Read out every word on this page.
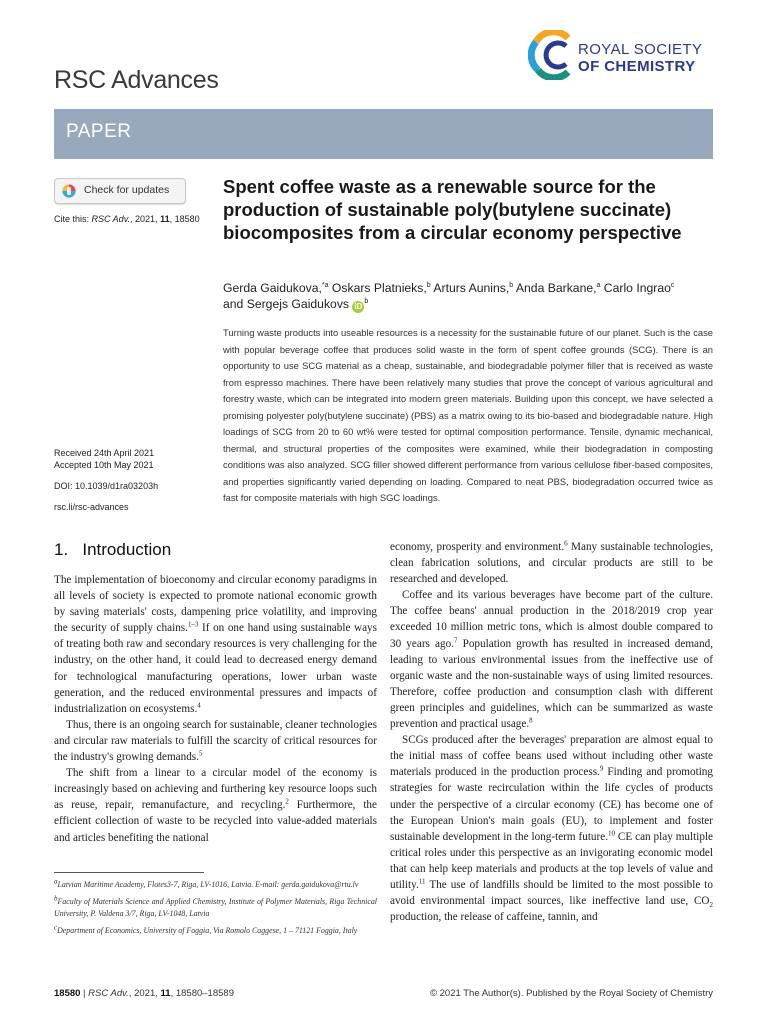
RSC Advances
ROYAL SOCIETY
OF CHEMISTRY
PAPER
Check for updates
Cite this: RSC Adv., 2021, 11, 18580
Received 24th April 2021
Accepted 10th May 2021
DOI: 10.1039/d1ra03203h
rsc.li/rsc-advances
Spent coffee waste as a renewable source for the production of sustainable poly(butylene succinate) biocomposites from a circular economy perspective
Gerda Gaidukova,$^{*a}$ Oskars Platnieks,$^b$ Arturs Aunins,$^b$ Anda Barkane,$^a$ Carlo Ingrao$^c$
and Sergejs Gaidukovs $iD^b$
Turning waste products into useable resources is a necessity for the sustainable future of our planet. Such is the case with popular beverage coffee that produces solid waste in the form of spent coffee grounds (SCG). There is an opportunity to use SCG material as a cheap, sustainable, and biodegradable polymer filler that is received as waste from espresso machines. There have been relatively many studies that prove the concept of various agricultural and forestry waste, which can be integrated into modern green materials. Building upon this concept, we have selected a promising polyester poly(butylene succinate) (PBS) as a matrix owing to its bio-based and biodegradable nature. High loadings of SCG from 20 to 60 wt% were tested for optimal composition performance. Tensile, dynamic mechanical, thermal, and structural properties of the composites were examined, while their biodegradation in composting conditions was also analyzed. SCG filler showed different performance from various cellulose fiber-based composites, and properties significantly varied depending on loading. Compared to neat PBS, biodegradation occurred twice as fast for composite materials with high SGC loadings.
1.   Introduction

The implementation of bioeconomy and circular economy paradigms in all levels of society is expected to promote national economic growth by saving materials' costs, dampening price volatility, and improving the security of supply chains.$^{1-3}$ If on one hand using sustainable ways of treating both raw and secondary resources is very challenging for the industry, on the other hand, it could lead to decreased energy demand for technological manufacturing operations, lower urban waste generation, and the reduced environmental pressures and impacts of industrialization on ecosystems.$^4$

Thus, there is an ongoing search for sustainable, cleaner technologies and circular raw materials to fulfill the scarcity of critical resources for the industry's growing demands.$^5$

The shift from a linear to a circular model of the economy is increasingly based on achieving and furthering key resource loops such as reuse, repair, remanufacture, and recycling.$^2$ Furthermore, the efficient collection of waste to be recycled into value-added materials and articles benefiting the national

economy, prosperity and environment.$^6$ Many sustainable technologies, clean fabrication solutions, and circular products are still to be researched and developed.

Coffee and its various beverages have become part of the culture. The coffee beans' annual production in the 2018/2019 crop year exceeded 10 million metric tons, which is almost double compared to 30 years ago.$^7$ Population growth has resulted in increased demand, leading to various environmental issues from the ineffective use of organic waste and the non-sustainable ways of using limited resources. Therefore, coffee production and consumption clash with different green principles and guidelines, which can be summarized as waste prevention and practical usage.$^8$

SCGs produced after the beverages' preparation are almost equal to the initial mass of coffee beans used without including other waste materials produced in the production process.$^9$ Finding and promoting strategies for waste recirculation within the life cycles of products under the perspective of a circular economy (CE) has become one of the European Union's main goals (EU), to implement and foster sustainable development in the long-term future.$^{10}$ CE can play multiple critical roles under this perspective as an invigorating economic model that can help keep materials and products at the top levels of value and utility.$^{11}$ The use of landfills should be limited to the most possible to avoid environmental impact sources, like ineffective land use, $CO_2$ production, the release of caffeine, tannin, and

$^a$Latvian Maritime Academy, Flotes3-7, Riga, LV-1016, Latvia. E-mail: gerda.gaidukova@rtu.lv

$^b$Faculty of Materials Science and Applied Chemistry, Institute of Polymer Materials, Riga Technical University, P. Valdena 3/7, Riga, LV-1048, Latvia

$^c$Department of Economics, University of Foggia, Via Romolo Caggese, 1 – 71121 Foggia, Italy

18580 | RSC Adv., 2021, 11, 18580–18589	© 2021 The Author(s). Published by the Royal Society of Chemistry
